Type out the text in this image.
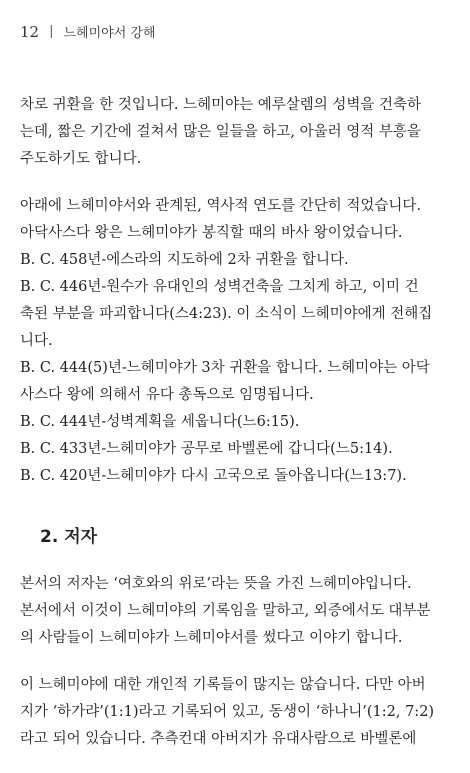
12 | 느헤미야서 강해
차로 귀환을 한 것입니다. 느헤미야는 예루살렘의 성벽을 건축하
는데, 짧은 기간에 걸쳐서 많은 일들을 하고, 아울러 영적 부흥을
주도하기도 합니다.
아래에 느헤미야서와 관계된, 역사적 연도를 간단히 적었습니다.
아닥사스다 왕은 느헤미야가 봉직할 때의 바사 왕이었습니다.
B. C. 458년-에스라의 지도하에 2차 귀환을 합니다.
B. C. 446년-원수가 유대인의 성벽건축을 그치게 하고, 이미 건
축된 부분을 파괴합니다(스4:23). 이 소식이 느헤미야에게 전해집
니다.
B. C. 444(5)년-느헤미야가 3차 귀환을 합니다. 느헤미야는 아닥
사스다 왕에 의해서 유다 총독으로 임명됩니다.
B. C. 444년-성벽계획을 세웁니다(느6:15).
B. C. 433년-느헤미야가 공무로 바벨론에 갑니다(느5:14).
B. C. 420년-느헤미야가 다시 고국으로 돌아옵니다(느13:7).
2. 저자
본서의 저자는 ‘여호와의 위로’라는 뜻을 가진 느헤미야입니다.
본서에서 이것이 느헤미야의 기록임을 말하고, 외증에서도 대부분
의 사람들이 느헤미야가 느헤미야서를 썼다고 이야기 합니다.
이 느헤미야에 대한 개인적 기록들이 많지는 않습니다. 다만 아버
지가 ‘하가랴’(1:1)라고 기록되어 있고, 동생이 ‘하나니’(1:2, 7:2)
라고 되어 있습니다. 추측컨대 아버지가 유대사람으로 바벨론에
